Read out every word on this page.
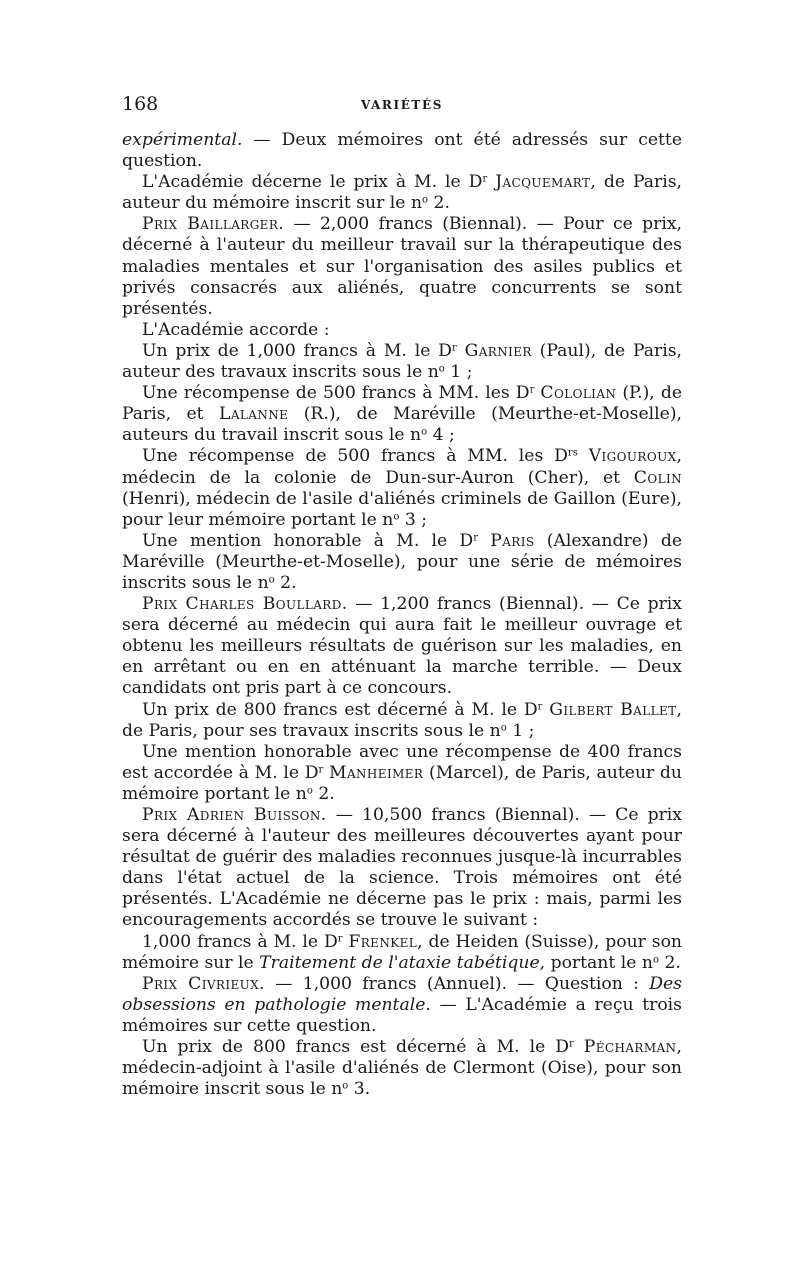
168	VARIÉTÉS

expérimental. — Deux mémoires ont été adressés sur cette question.

L'Académie décerne le prix à M. le $D^r$ Jacquemart, de Paris, auteur du mémoire inscrit sur le $n^o$ 2.

Prix Baillarger. — 2,000 francs (Biennal). — Pour ce prix, décerné à l'auteur du meilleur travail sur la thérapeutique des maladies mentales et sur l'organisation des asiles publics et privés consacrés aux aliénés, quatre concurrents se sont présentés.

L'Académie accorde :

Un prix de 1,000 francs à M. le $D^r$ Garnier (Paul), de Paris, auteur des travaux inscrits sous le $n^o$ 1 ;

Une récompense de 500 francs à MM. les $D^r$ Cololian (P.), de Paris, et Lalanne (R.), de Maréville (Meurthe-et-Moselle), auteurs du travail inscrit sous le $n^o$ 4 ;

Une récompense de 500 francs à MM. les $D^{rs}$ Vigouroux, médecin de la colonie de Dun-sur-Auron (Cher), et Colin (Henri), médecin de l'asile d'aliénés criminels de Gaillon (Eure), pour leur mémoire portant le $n^o$ 3 ;

Une mention honorable à M. le $D^r$ Paris (Alexandre) de Maréville (Meurthe-et-Moselle), pour une série de mémoires inscrits sous le $n^o$ 2.

Prix Charles Boullard. — 1,200 francs (Biennal). — Ce prix sera décerné au médecin qui aura fait le meilleur ouvrage et obtenu les meilleurs résultats de guérison sur les maladies, en en arrêtant ou en en atténuant la marche terrible. — Deux candidats ont pris part à ce concours.

Un prix de 800 francs est décerné à M. le $D^r$ Gilbert Ballet, de Paris, pour ses travaux inscrits sous le $n^o$ 1 ;

Une mention honorable avec une récompense de 400 francs est accordée à M. le $D^r$ Manheimer (Marcel), de Paris, auteur du mémoire portant le $n^o$ 2.

Prix Adrien Buisson. — 10,500 francs (Biennal). — Ce prix sera décerné à l'auteur des meilleures découvertes ayant pour résultat de guérir des maladies reconnues jusque-là incurrables dans l'état actuel de la science. Trois mémoires ont été présentés. L'Académie ne décerne pas le prix : mais, parmi les encouragements accordés se trouve le suivant :

1,000 francs à M. le $D^r$ Frenkel, de Heiden (Suisse), pour son mémoire sur le Traitement de l'ataxie tabétique, portant le $n^o$ 2.

Prix Civrieux. — 1,000 francs (Annuel). — Question : Des obsessions en pathologie mentale. — L'Académie a reçu trois mémoires sur cette question.

Un prix de 800 francs est décerné à M. le $D^r$ Pécharman, médecin-adjoint à l'asile d'aliénés de Clermont (Oise), pour son mémoire inscrit sous le $n^o$ 3.
